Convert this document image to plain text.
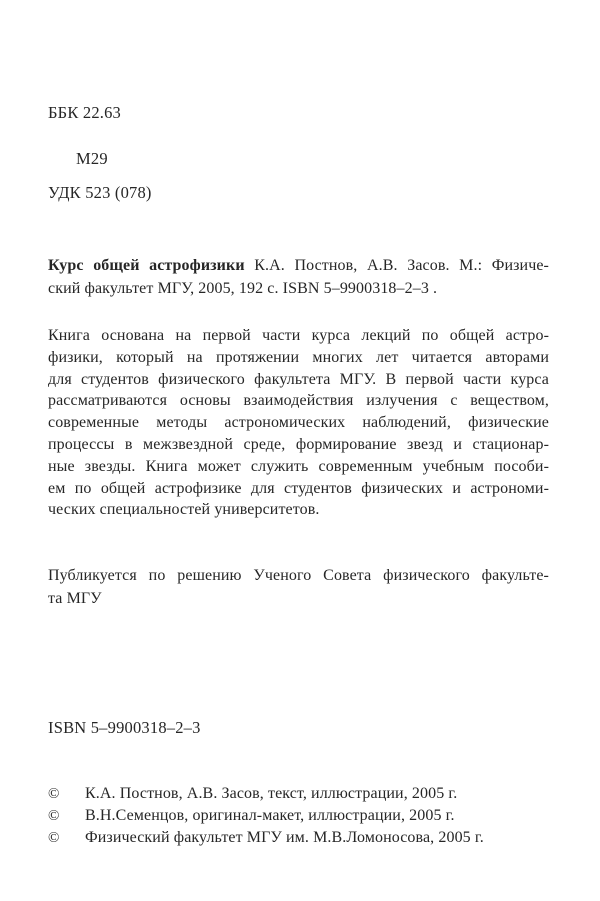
ББК 22.63
М29
УДК 523 (078)
Курс общей астрофизики К.А. Постнов, А.В. Засов. М.: Физиче-
ский факультет МГУ, 2005, 192 с. ISBN 5–9900318–2–3 .
Книга основана на первой части курса лекций по общей астро-
физики, который на протяжении многих лет читается авторами
для студентов физического факультета МГУ. В первой части курса
рассматриваются основы взаимодействия излучения с веществом,
современные методы астрономических наблюдений, физические
процессы в межзвездной среде, формирование звезд и стационар-
ные звезды. Книга может служить современным учебным пособи-
ем по общей астрофизике для студентов физических и астрономи-
ческих специальностей университетов.
Публикуется по решению Ученого Совета физического факульте-
та МГУ
ISBN 5–9900318–2–3
©	К.А. Постнов, А.В. Засов, текст, иллюстрации, 2005 г.
©	В.Н.Семенцов, оригинал-макет, иллюстрации, 2005 г.
©	Физический факультет МГУ им. М.В.Ломоносова, 2005 г.
